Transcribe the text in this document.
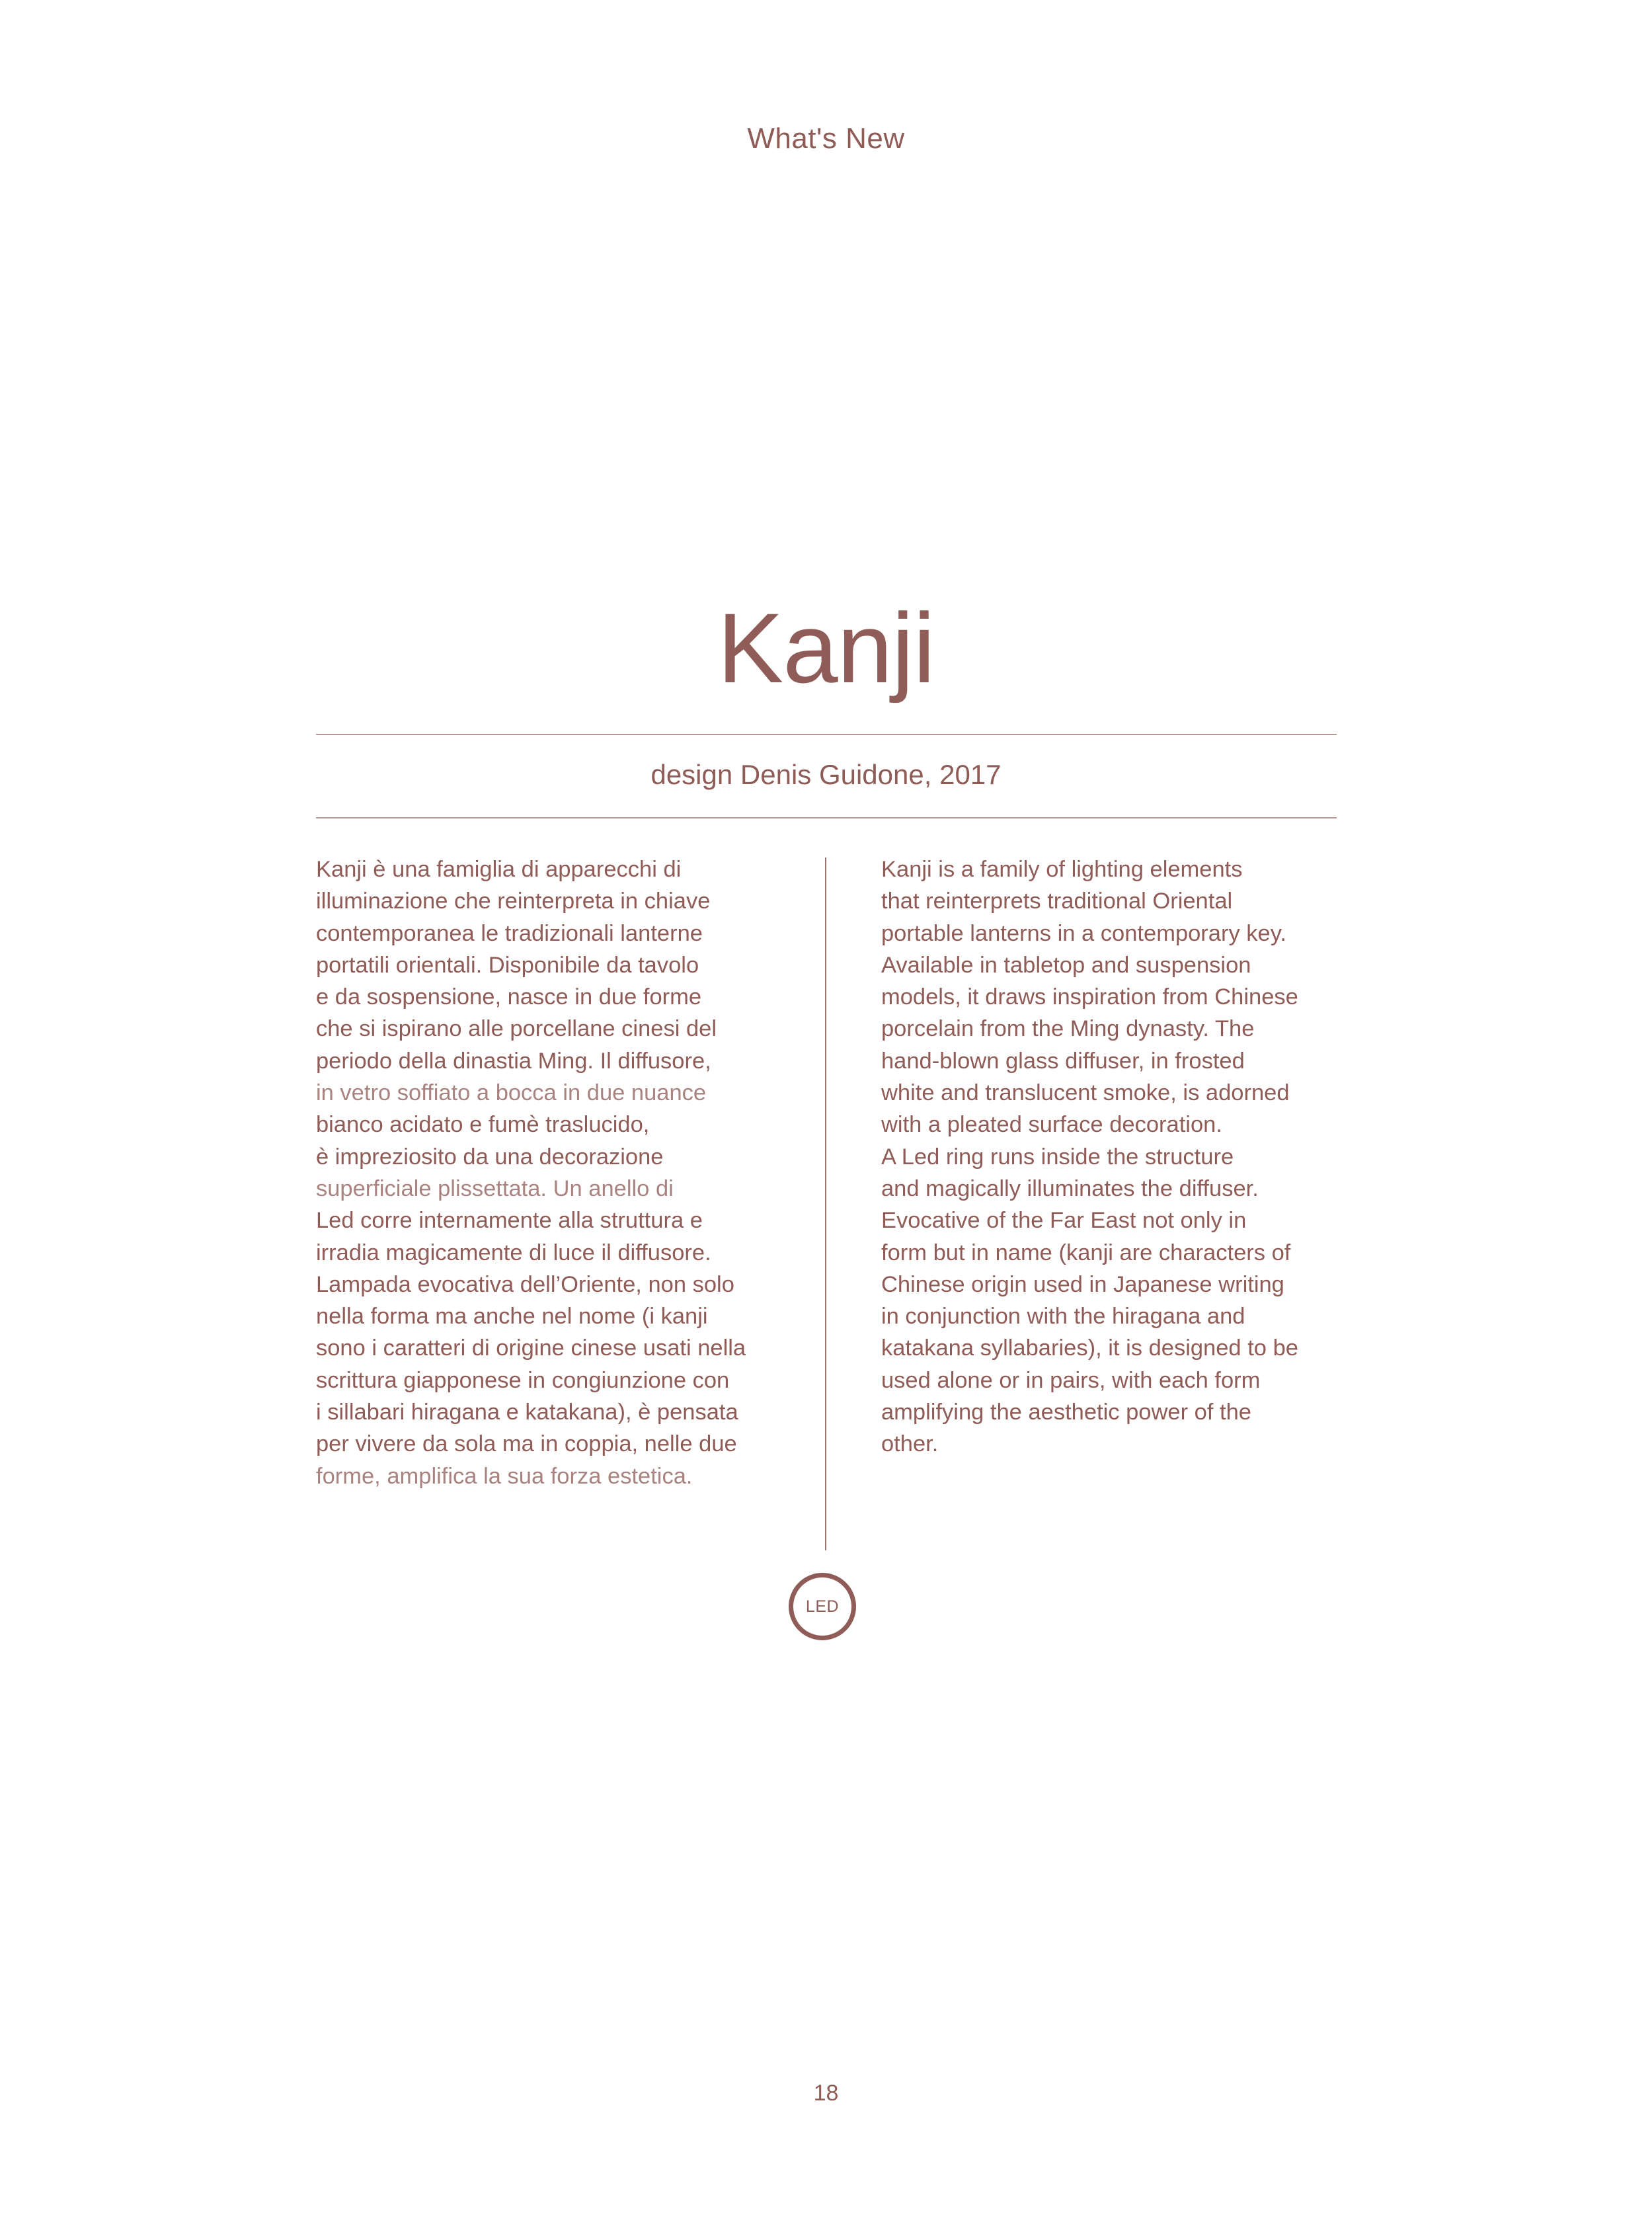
What's New
Kanji
design Denis Guidone, 2017
Kanji è una famiglia di apparecchi di
illuminazione che reinterpreta in chiave
contemporanea le tradizionali lanterne
portatili orientali. Disponibile da tavolo
e da sospensione, nasce in due forme
che si ispirano alle porcellane cinesi del
periodo della dinastia Ming. Il diffusore,
in vetro soffiato a bocca in due nuance
bianco acidato e fumè traslucido,
è impreziosito da una decorazione
superficiale plissettata. Un anello di
Led corre internamente alla struttura e
irradia magicamente di luce il diffusore.
Lampada evocativa dell’Oriente, non solo
nella forma ma anche nel nome (i kanji
sono i caratteri di origine cinese usati nella
scrittura giapponese in congiunzione con
i sillabari hiragana e katakana), è pensata
per vivere da sola ma in coppia, nelle due
forme, amplifica la sua forza estetica.
Kanji is a family of lighting elements
that reinterprets traditional Oriental
portable lanterns in a contemporary key.
Available in tabletop and suspension
models, it draws inspiration from Chinese
porcelain from the Ming dynasty. The
hand-blown glass diffuser, in frosted
white and translucent smoke, is adorned
with a pleated surface decoration.
A Led ring runs inside the structure
and magically illuminates the diffuser.
Evocative of the Far East not only in
form but in name (kanji are characters of
Chinese origin used in Japanese writing
in conjunction with the hiragana and
katakana syllabaries), it is designed to be
used alone or in pairs, with each form
amplifying the aesthetic power of the
other.
LED
18
